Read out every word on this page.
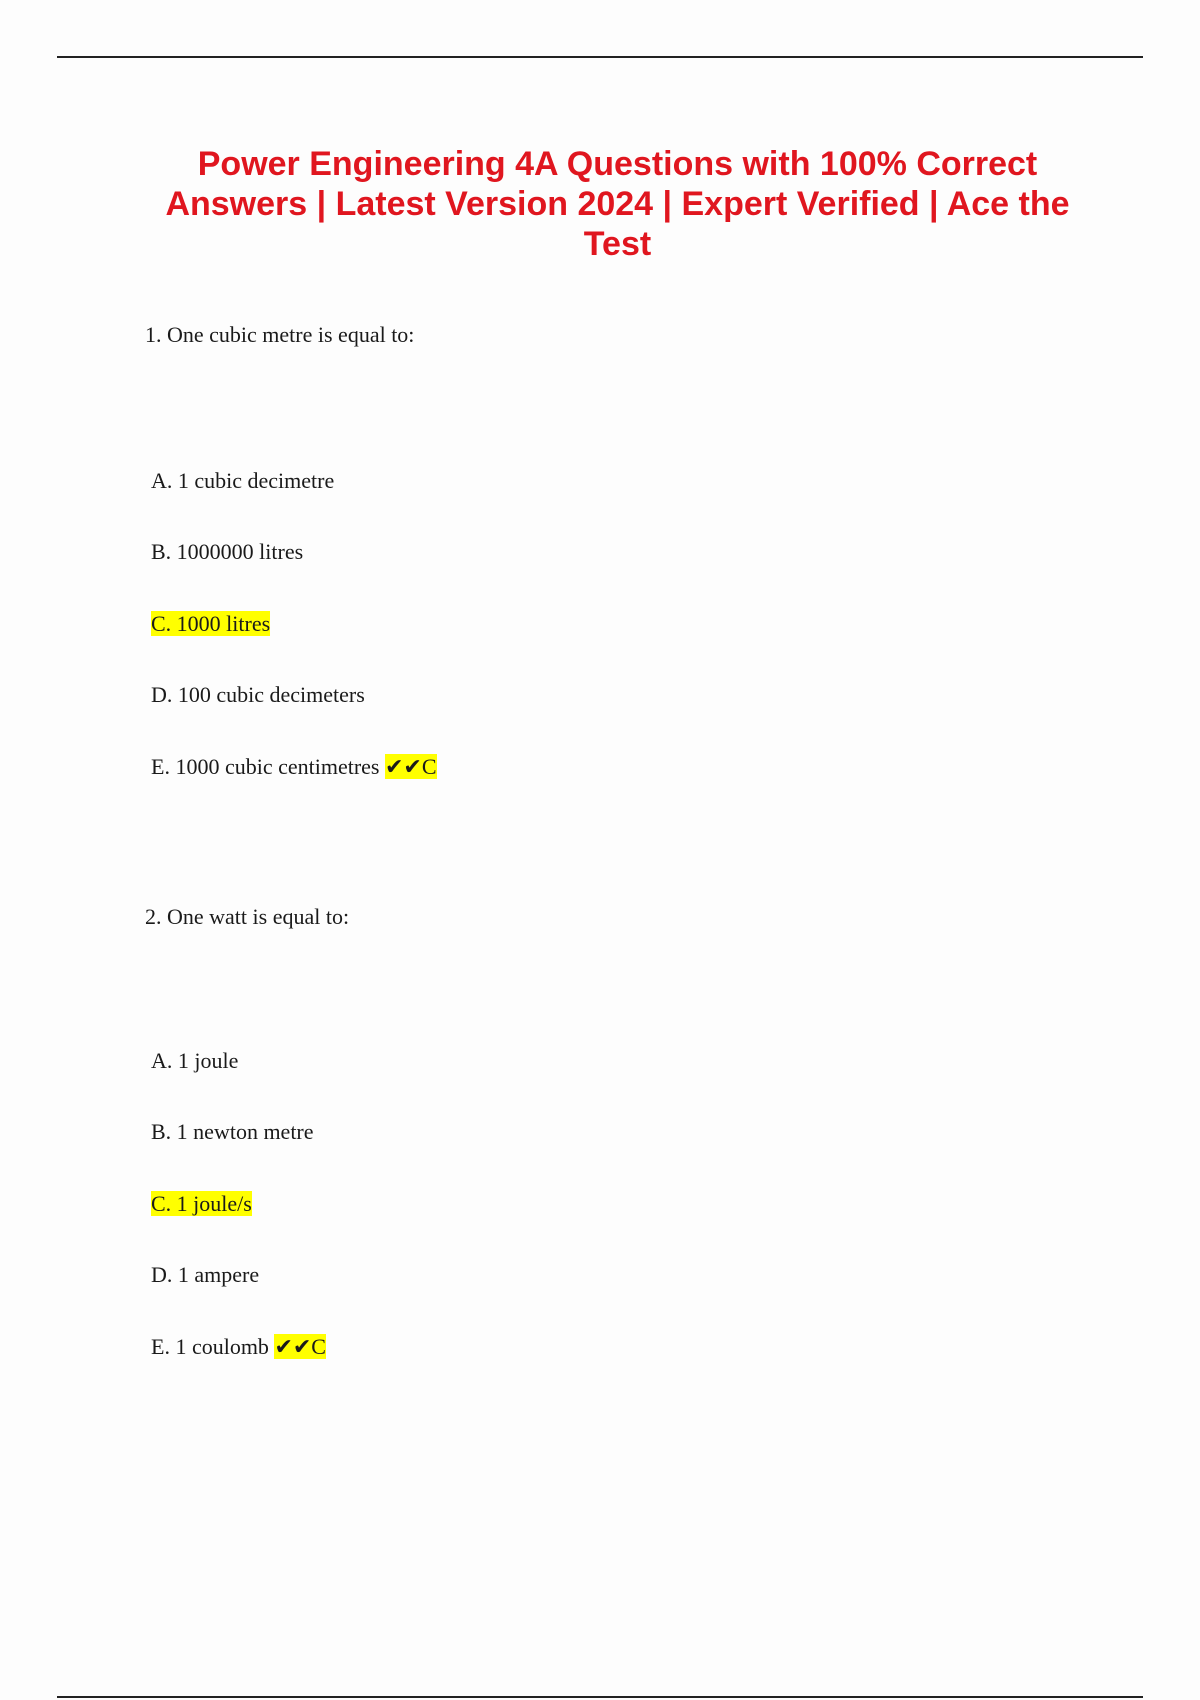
Power Engineering 4A Questions with 100% Correct Answers | Latest Version 2024 | Expert Verified | Ace the Test

1. One cubic metre is equal to:

A. 1 cubic decimetre

B. 1000000 litres

C. 1000 litres

D. 100 cubic decimeters

E. 1000 cubic centimetres ✔✔C

2. One watt is equal to:

A. 1 joule

B. 1 newton metre

C. 1 joule/s

D. 1 ampere

E. 1 coulomb ✔✔C
